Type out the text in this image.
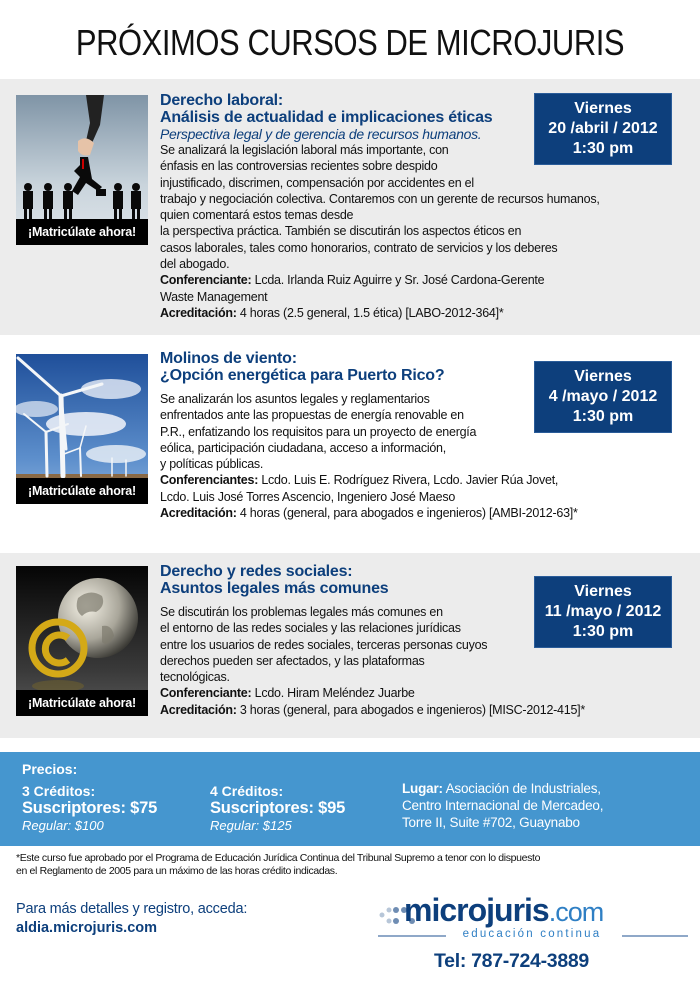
PRÓXIMOS CURSOS DE MICROJURIS
¡Matricúlate ahora!
Derecho laboral:
Análisis de actualidad e implicaciones éticas
Perspectiva legal y de gerencia de recursos humanos.
Se analizará la legislación laboral más importante, con
énfasis en las controversias recientes sobre despido
injustificado, discrimen, compensación por accidentes en el
trabajo y negociación colectiva. Contaremos con un gerente de recursos humanos,
quien comentará estos temas desde
la perspectiva práctica. También se discutirán los aspectos éticos en
casos laborales, tales como honorarios, contrato de servicios y los deberes
del abogado.
Conferenciante: Lcda. Irlanda Ruiz Aguirre y Sr. José Cardona-Gerente
Waste Management
Acreditación: 4 horas (2.5 general, 1.5 ética) [LABO-2012-364]*
Viernes
20 /abril / 2012
1:30 pm
¡Matricúlate ahora!
Molinos de viento:
¿Opción energética para Puerto Rico?
Se analizarán los asuntos legales y reglamentarios
enfrentados ante las propuestas de energía renovable en
P.R., enfatizando los requisitos para un proyecto de energía
eólica, participación ciudadana, acceso a información,
y políticas públicas.
Conferenciantes: Lcdo. Luis E. Rodríguez Rivera, Lcdo. Javier Rúa Jovet,
Lcdo. Luis José Torres Ascencio, Ingeniero José Maeso
Acreditación: 4 horas (general, para abogados e ingenieros) [AMBI-2012-63]*
Viernes
4 /mayo / 2012
1:30 pm
¡Matricúlate ahora!
Derecho y redes sociales:
Asuntos legales más comunes
Se discutirán los problemas legales más comunes en
el entorno de las redes sociales y las relaciones jurídicas
entre los usuarios de redes sociales, terceras personas cuyos
derechos pueden ser afectados, y las plataformas
tecnológicas.
Conferenciante: Lcdo. Hiram Meléndez Juarbe
Acreditación: 3 horas (general, para abogados e ingenieros) [MISC-2012-415]*
Viernes
11 /mayo / 2012
1:30 pm
Precios:
3 Créditos:
Suscriptores: $75
Regular: $100
4 Créditos:
Suscriptores: $95
Regular: $125
Lugar: Asociación de Industriales,
Centro Internacional de Mercadeo,
Torre II, Suite #702, Guaynabo
*Este curso fue aprobado por el Programa de Educación Jurídica Continua del Tribunal Supremo a tenor con lo dispuesto
en el Reglamento de 2005 para un máximo de las horas crédito indicadas.
Para más detalles y registro, acceda:
aldia.microjuris.com	microjuris.com
educación continua
Tel: 787-724-3889
